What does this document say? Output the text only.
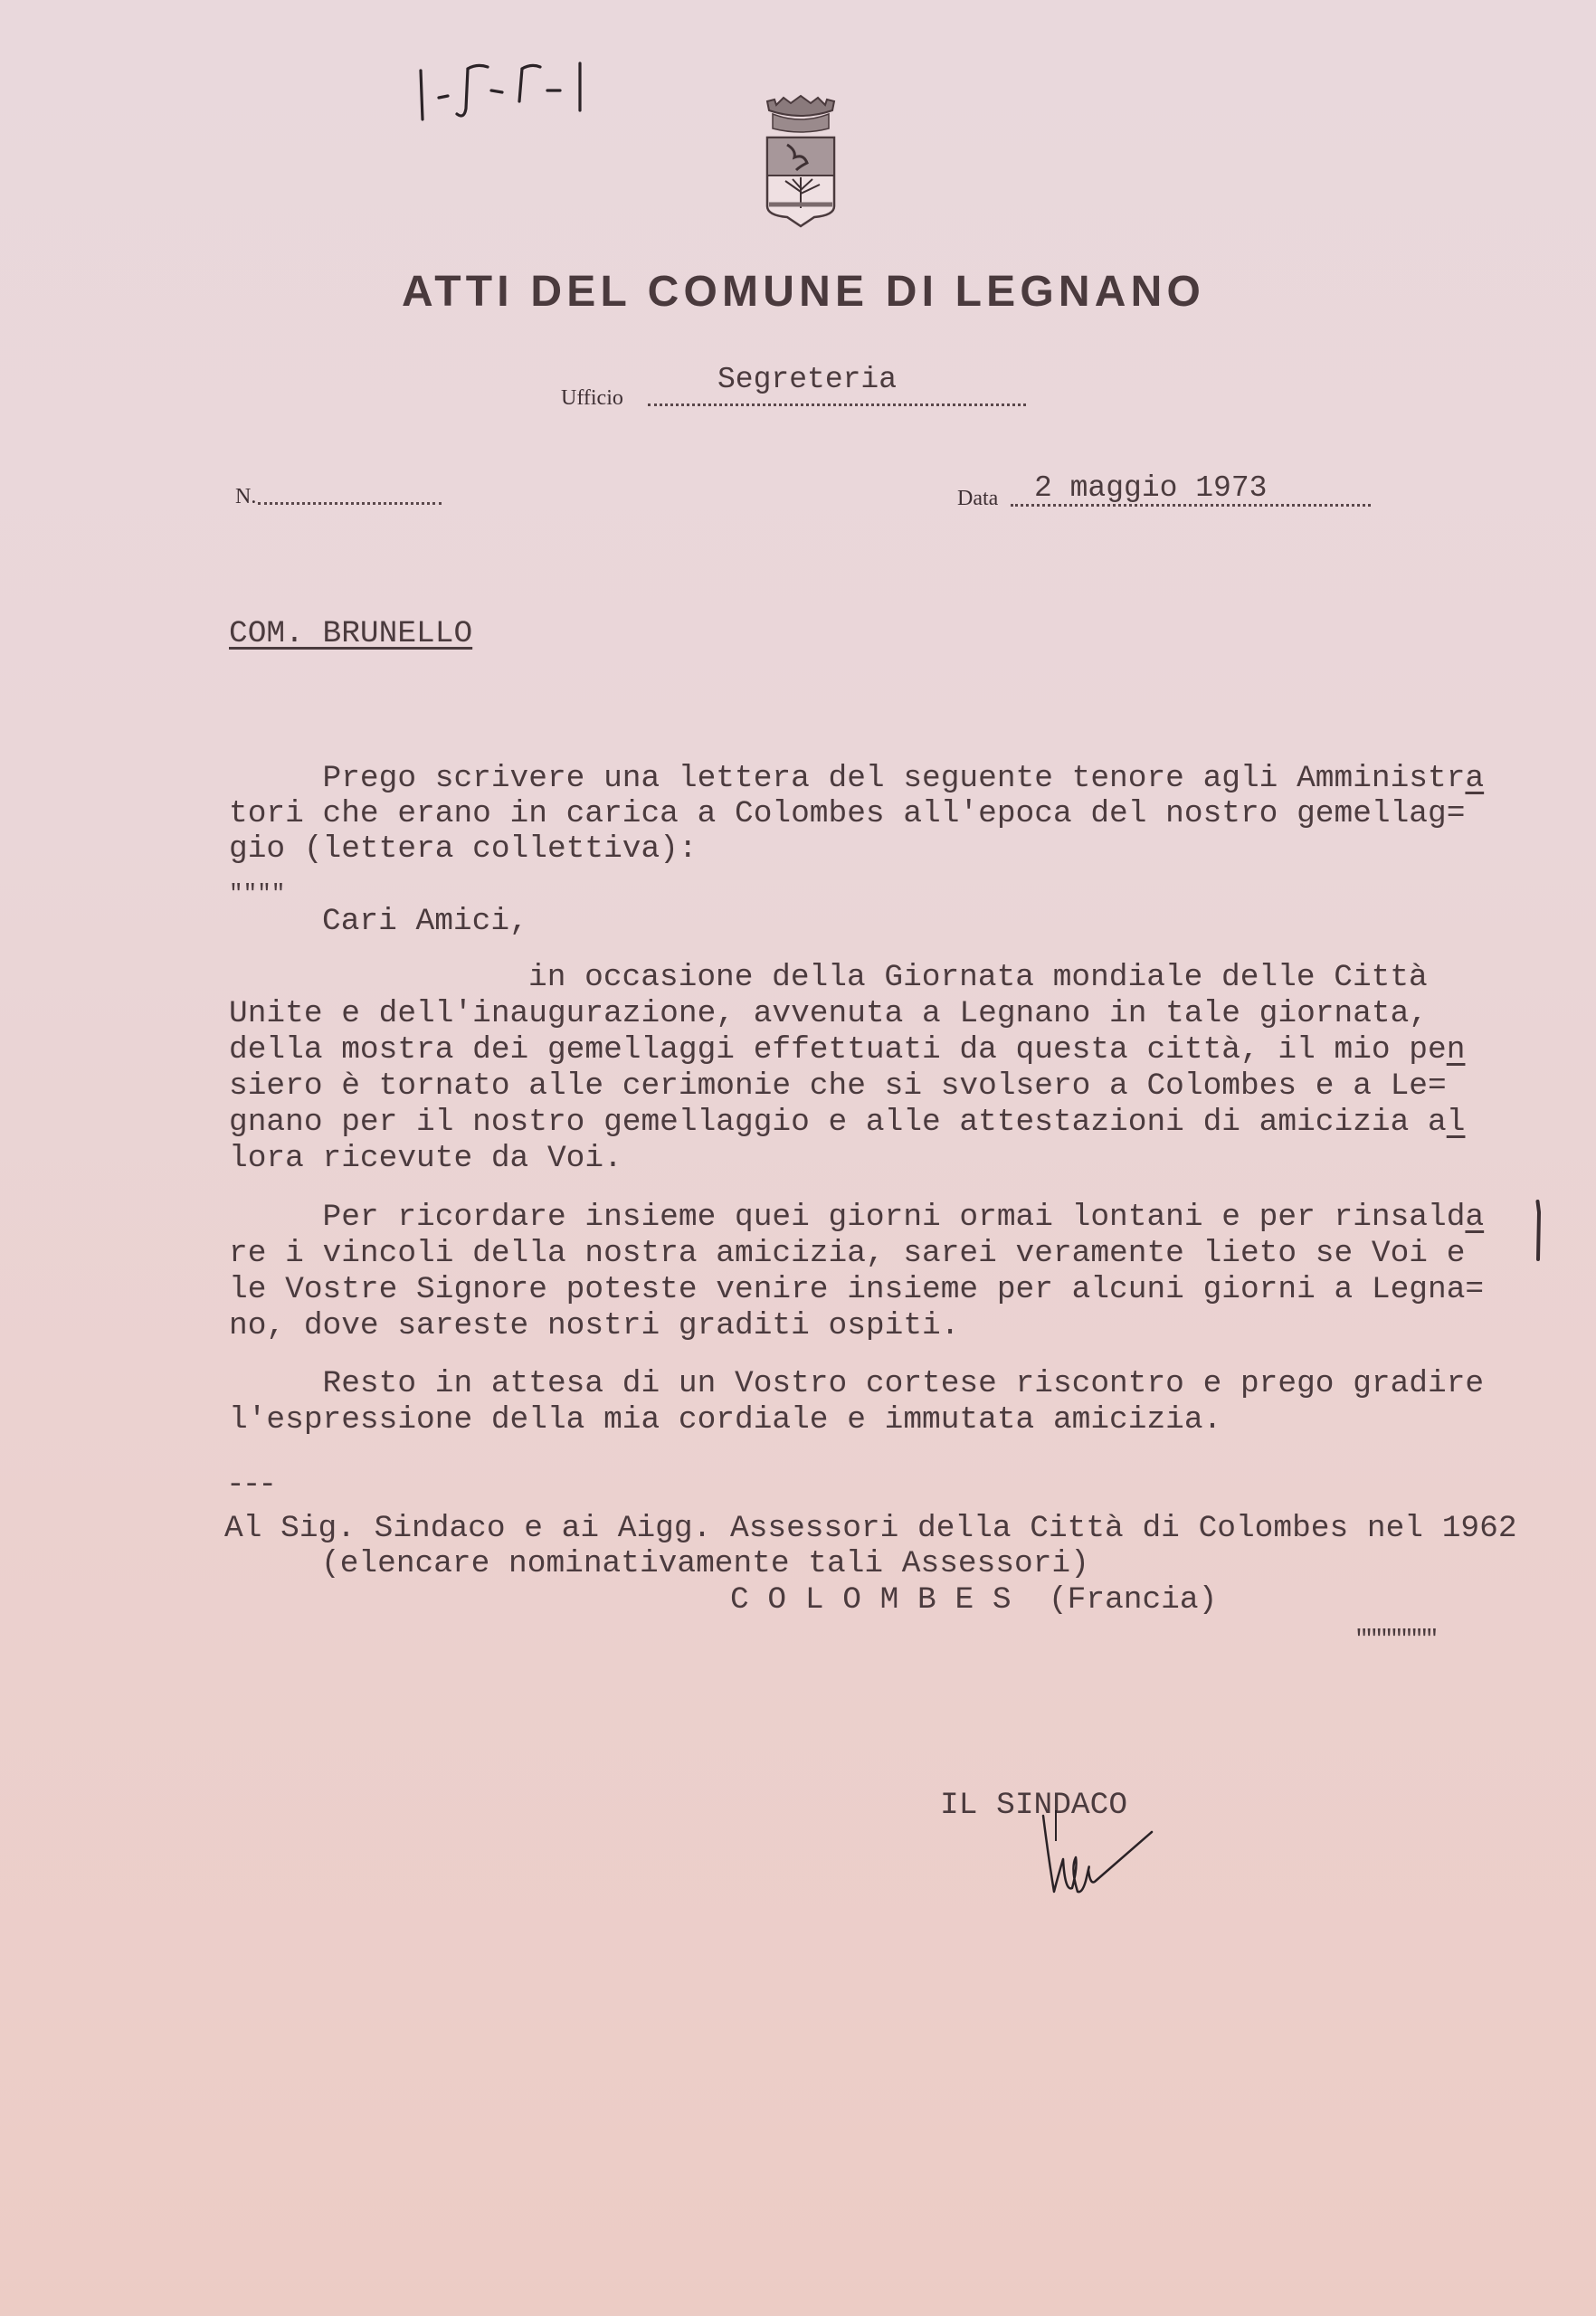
ATTI DEL COMUNE DI LEGNANO
Ufficio
Segreteria
N.	Data 2 maggio 1973
COM. BRUNELLO
Prego scrivere una lettera del seguente tenore agli Amministra
tori che erano in carica a Colombes all'epoca del nostro gemellag=
gio (lettera collettiva):
""""
Cari Amici,
in occasione della Giornata mondiale delle Città
Unite e dell'inaugurazione, avvenuta a Legnano in tale giornata,
della mostra dei gemellaggi effettuati da questa città, il mio pen
siero è tornato alle cerimonie che si svolsero a Colombes e a Le=
gnano per il nostro gemellaggio e alle attestazioni di amicizia al
lora ricevute da Voi.
Per ricordare insieme quei giorni ormai lontani e per rinsalda
re i vincoli della nostra amicizia, sarei veramente lieto se Voi e
le Vostre Signore poteste venire insieme per alcuni giorni a Legna=
no, dove sareste nostri graditi ospiti.
Resto in attesa di un Vostro cortese riscontro e prego gradire
l'espressione della mia cordiale e immutata amicizia.
---
Al Sig. Sindaco e ai Aigg. Assessori della Città di Colombes nel 1962
(elencare nominativamente tali Assessori)
C O L O M B E S  (Francia)
""""""""
IL SINDACO
